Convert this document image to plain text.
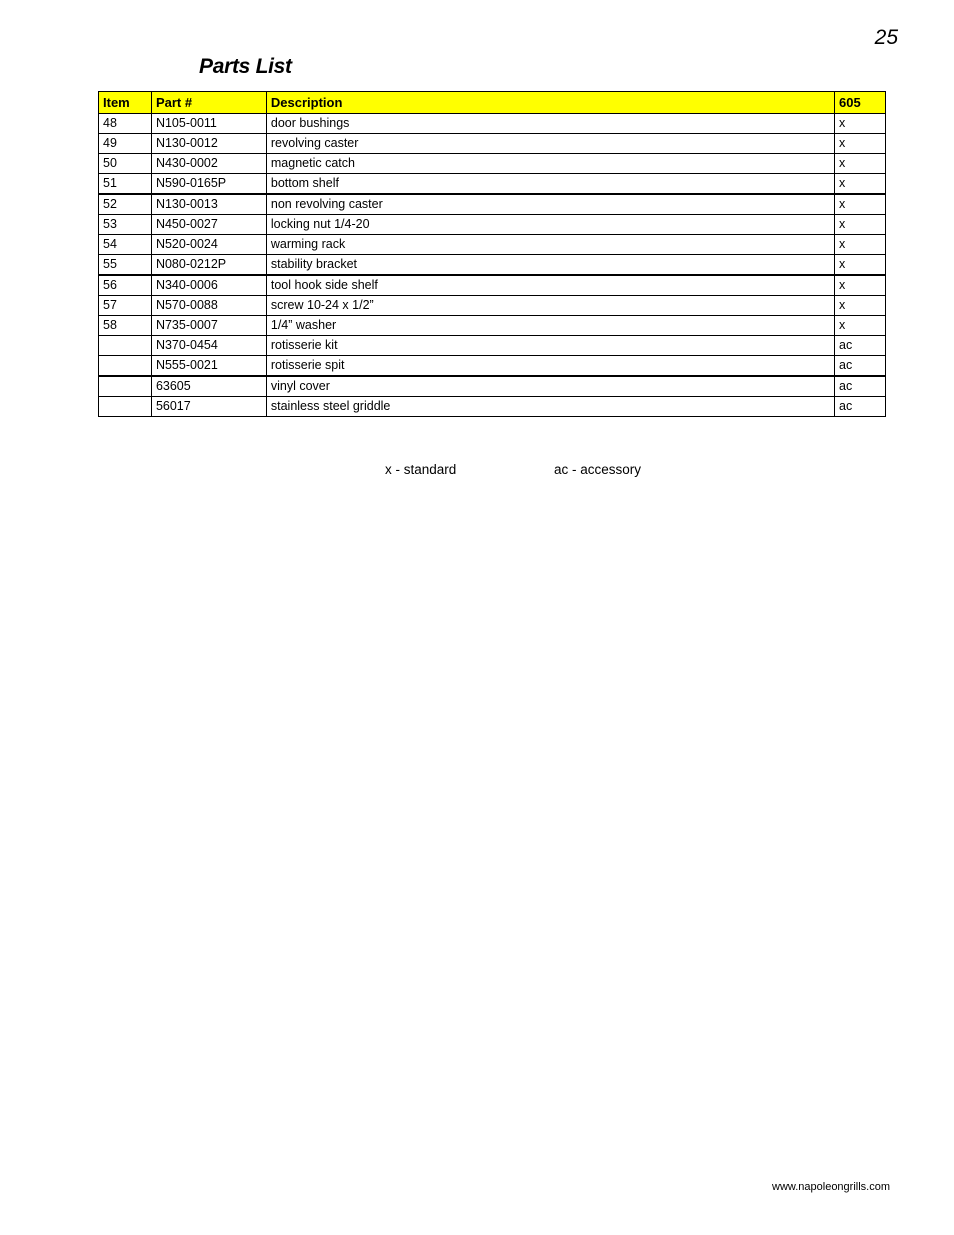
25
Parts List
Item	Part #	Description	605
48	N105-0011	door bushings	x
49	N130-0012	revolving caster	x
50	N430-0002	magnetic catch	x
51	N590-0165P	bottom shelf	x
52	N130-0013	non revolving caster	x
53	N450-0027	locking nut 1/4-20	x
54	N520-0024	warming rack	x
55	N080-0212P	stability bracket	x
56	N340-0006	tool hook side shelf	x
57	N570-0088	screw 10-24 x 1/2”	x
58	N735-0007	1/4” washer	x
	N370-0454	rotisserie kit	ac
	N555-0021	rotisserie spit	ac
	63605	vinyl cover	ac
	56017	stainless steel griddle	ac
x - standard	ac - accessory
www.napoleongrills.com
